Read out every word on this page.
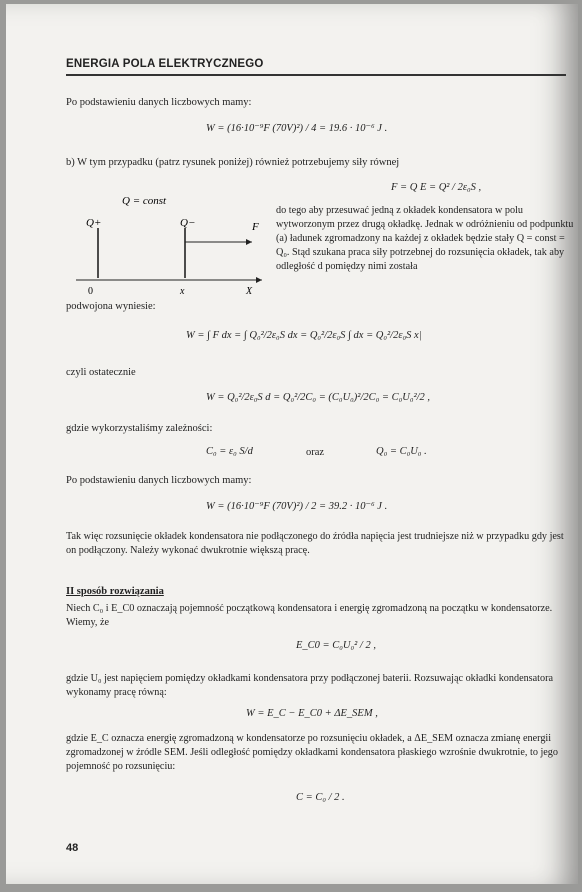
ENERGIA POLA ELEKTRYCZNEGO
Po podstawieniu danych liczbowych mamy:
W = (16·10⁻⁹F (70V)²) / 4 = 19.6 · 10⁻⁶ J .
b) W tym przypadku (patrz rysunek poniżej) również potrzebujemy siły równej
F = Q E = Q² / 2ε₀S ,
Q = const
Q+	Q−	F
0	x	X
do tego aby przesuwać jedną z okładek kondensatora w polu wytworzonym przez drugą okładkę. Jednak w odróżnieniu od podpunktu (a) ładunek zgromadzony na każdej z okładek będzie stały Q = const = Q₀. Stąd szukana praca siły potrzebnej do rozsunięcia okładek, tak aby odległość d pomiędzy nimi została
podwojona wyniesie:
W = ∫ F dx = ∫ Q₀²/2ε₀S dx = Q₀²/2ε₀S ∫ dx = Q₀²/2ε₀S x|
czyli ostatecznie
W = Q₀²/2ε₀S d = Q₀²/2C₀ = (C₀U₀)²/2C₀ = C₀U₀²/2 ,
gdzie wykorzystaliśmy zależności:
C₀ = ε₀ S/d	oraz	Q₀ = C₀U₀ .
Po podstawieniu danych liczbowych mamy:
W = (16·10⁻⁹F (70V)²) / 2 = 39.2 · 10⁻⁶ J .
Tak więc rozsunięcie okładek kondensatora nie podłączonego do źródła napięcia jest trudniejsze niż w przypadku gdy jest on podłączony. Należy wykonać dwukrotnie większą pracę.
II sposób rozwiązania
Niech C₀ i E_C0 oznaczają pojemność początkową kondensatora i energię zgromadzoną na początku w kondensatorze. Wiemy, że
E_C0 = C₀U₀² / 2 ,
gdzie U₀ jest napięciem pomiędzy okładkami kondensatora przy podłączonej baterii. Rozsuwając okładki kondensatora wykonamy pracę równą:
W = E_C − E_C0 + ΔE_SEM ,
gdzie E_C oznacza energię zgromadzoną w kondensatorze po rozsunięciu okładek, a ΔE_SEM oznacza zmianę energii zgromadzonej w źródle SEM. Jeśli odległość pomiędzy okładkami kondensatora płaskiego wzrośnie dwukrotnie, to jego pojemność po rozsunięciu:
C = C₀ / 2 .
48
